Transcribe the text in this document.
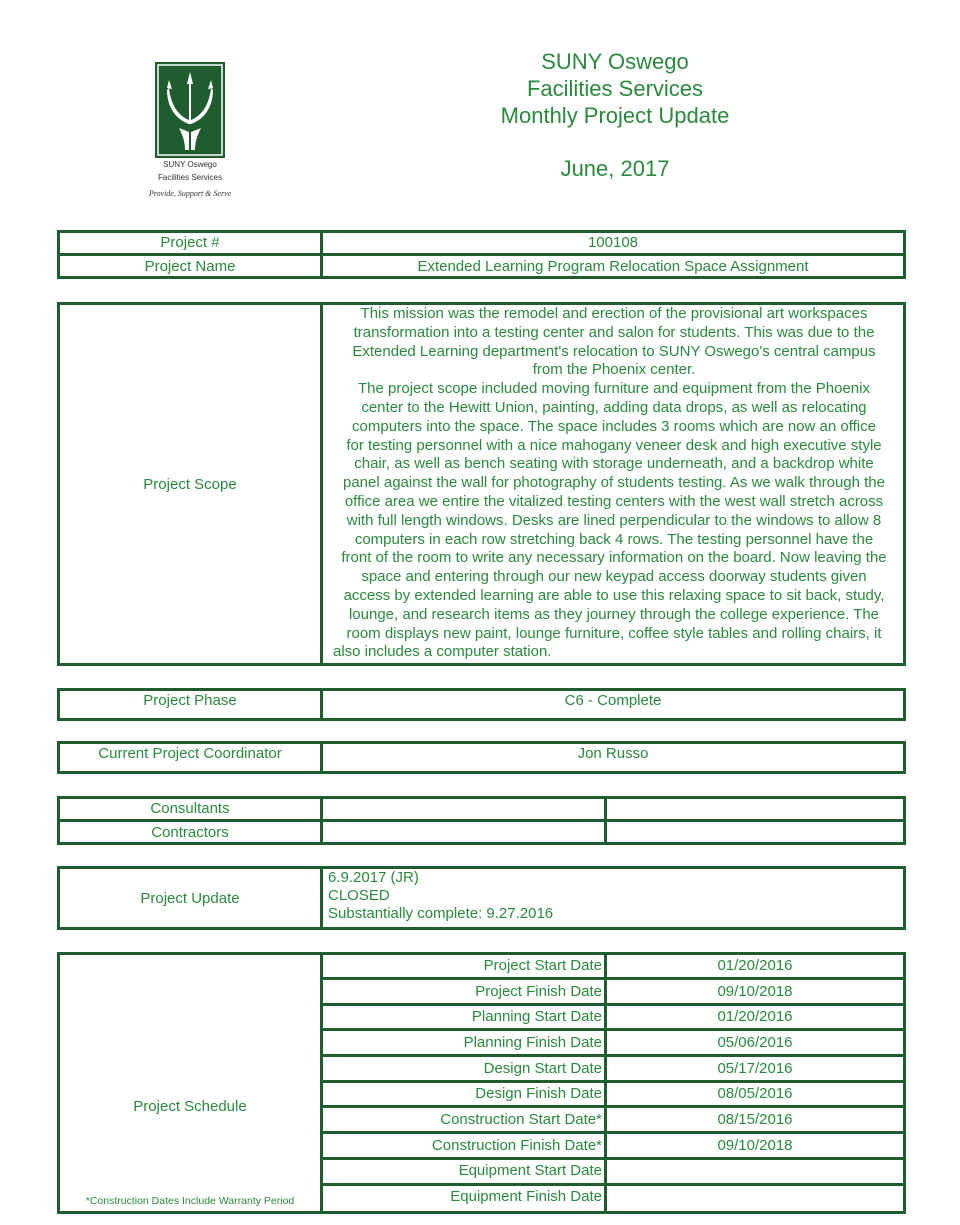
SUNY Oswego
Facilities Services
Provide, Support & Serve
SUNY Oswego
Facilities Services
Monthly Project Update
June, 2017
Project #	100108
Project Name	Extended Learning Program Relocation Space Assignment
Project Scope
This mission was the remodel and erection of the provisional art workspaces
transformation into a testing center and salon for students. This was due to the
Extended Learning department's relocation to SUNY Oswego's central campus
from the Phoenix center.
The project scope included moving furniture and equipment from the Phoenix
center to the Hewitt Union, painting, adding data drops, as well as relocating
computers into the space. The space includes 3 rooms which are now an office
for testing personnel with a nice mahogany veneer desk and high executive style
chair, as well as bench seating with storage underneath, and a backdrop white
panel against the wall for photography of students testing. As we walk through the
office area we entire the vitalized testing centers with the west wall stretch across
with full length windows. Desks are lined perpendicular to the windows to allow 8
computers in each row stretching back 4 rows. The testing personnel have the
front of the room to write any necessary information on the board. Now leaving the
space and entering through our new keypad access doorway students given
access by extended learning are able to use this relaxing space to sit back, study,
lounge, and research items as they journey through the college experience. The
room displays new paint, lounge furniture, coffee style tables and rolling chairs, it
also includes a computer station.
Project Phase	C6 - Complete
Current Project Coordinator	Jon Russo
Consultants
Contractors
Project Update
6.9.2017 (JR)
CLOSED
Substantially complete: 9.27.2016
Project Schedule
*Construction Dates Include Warranty Period
Project Start Date	01/20/2016
Project Finish Date	09/10/2018
Planning Start Date	01/20/2016
Planning Finish Date	05/06/2016
Design Start Date	05/17/2016
Design Finish Date	08/05/2016
Construction Start Date*	08/15/2016
Construction Finish Date*	09/10/2018
Equipment Start Date
Equipment Finish Date
